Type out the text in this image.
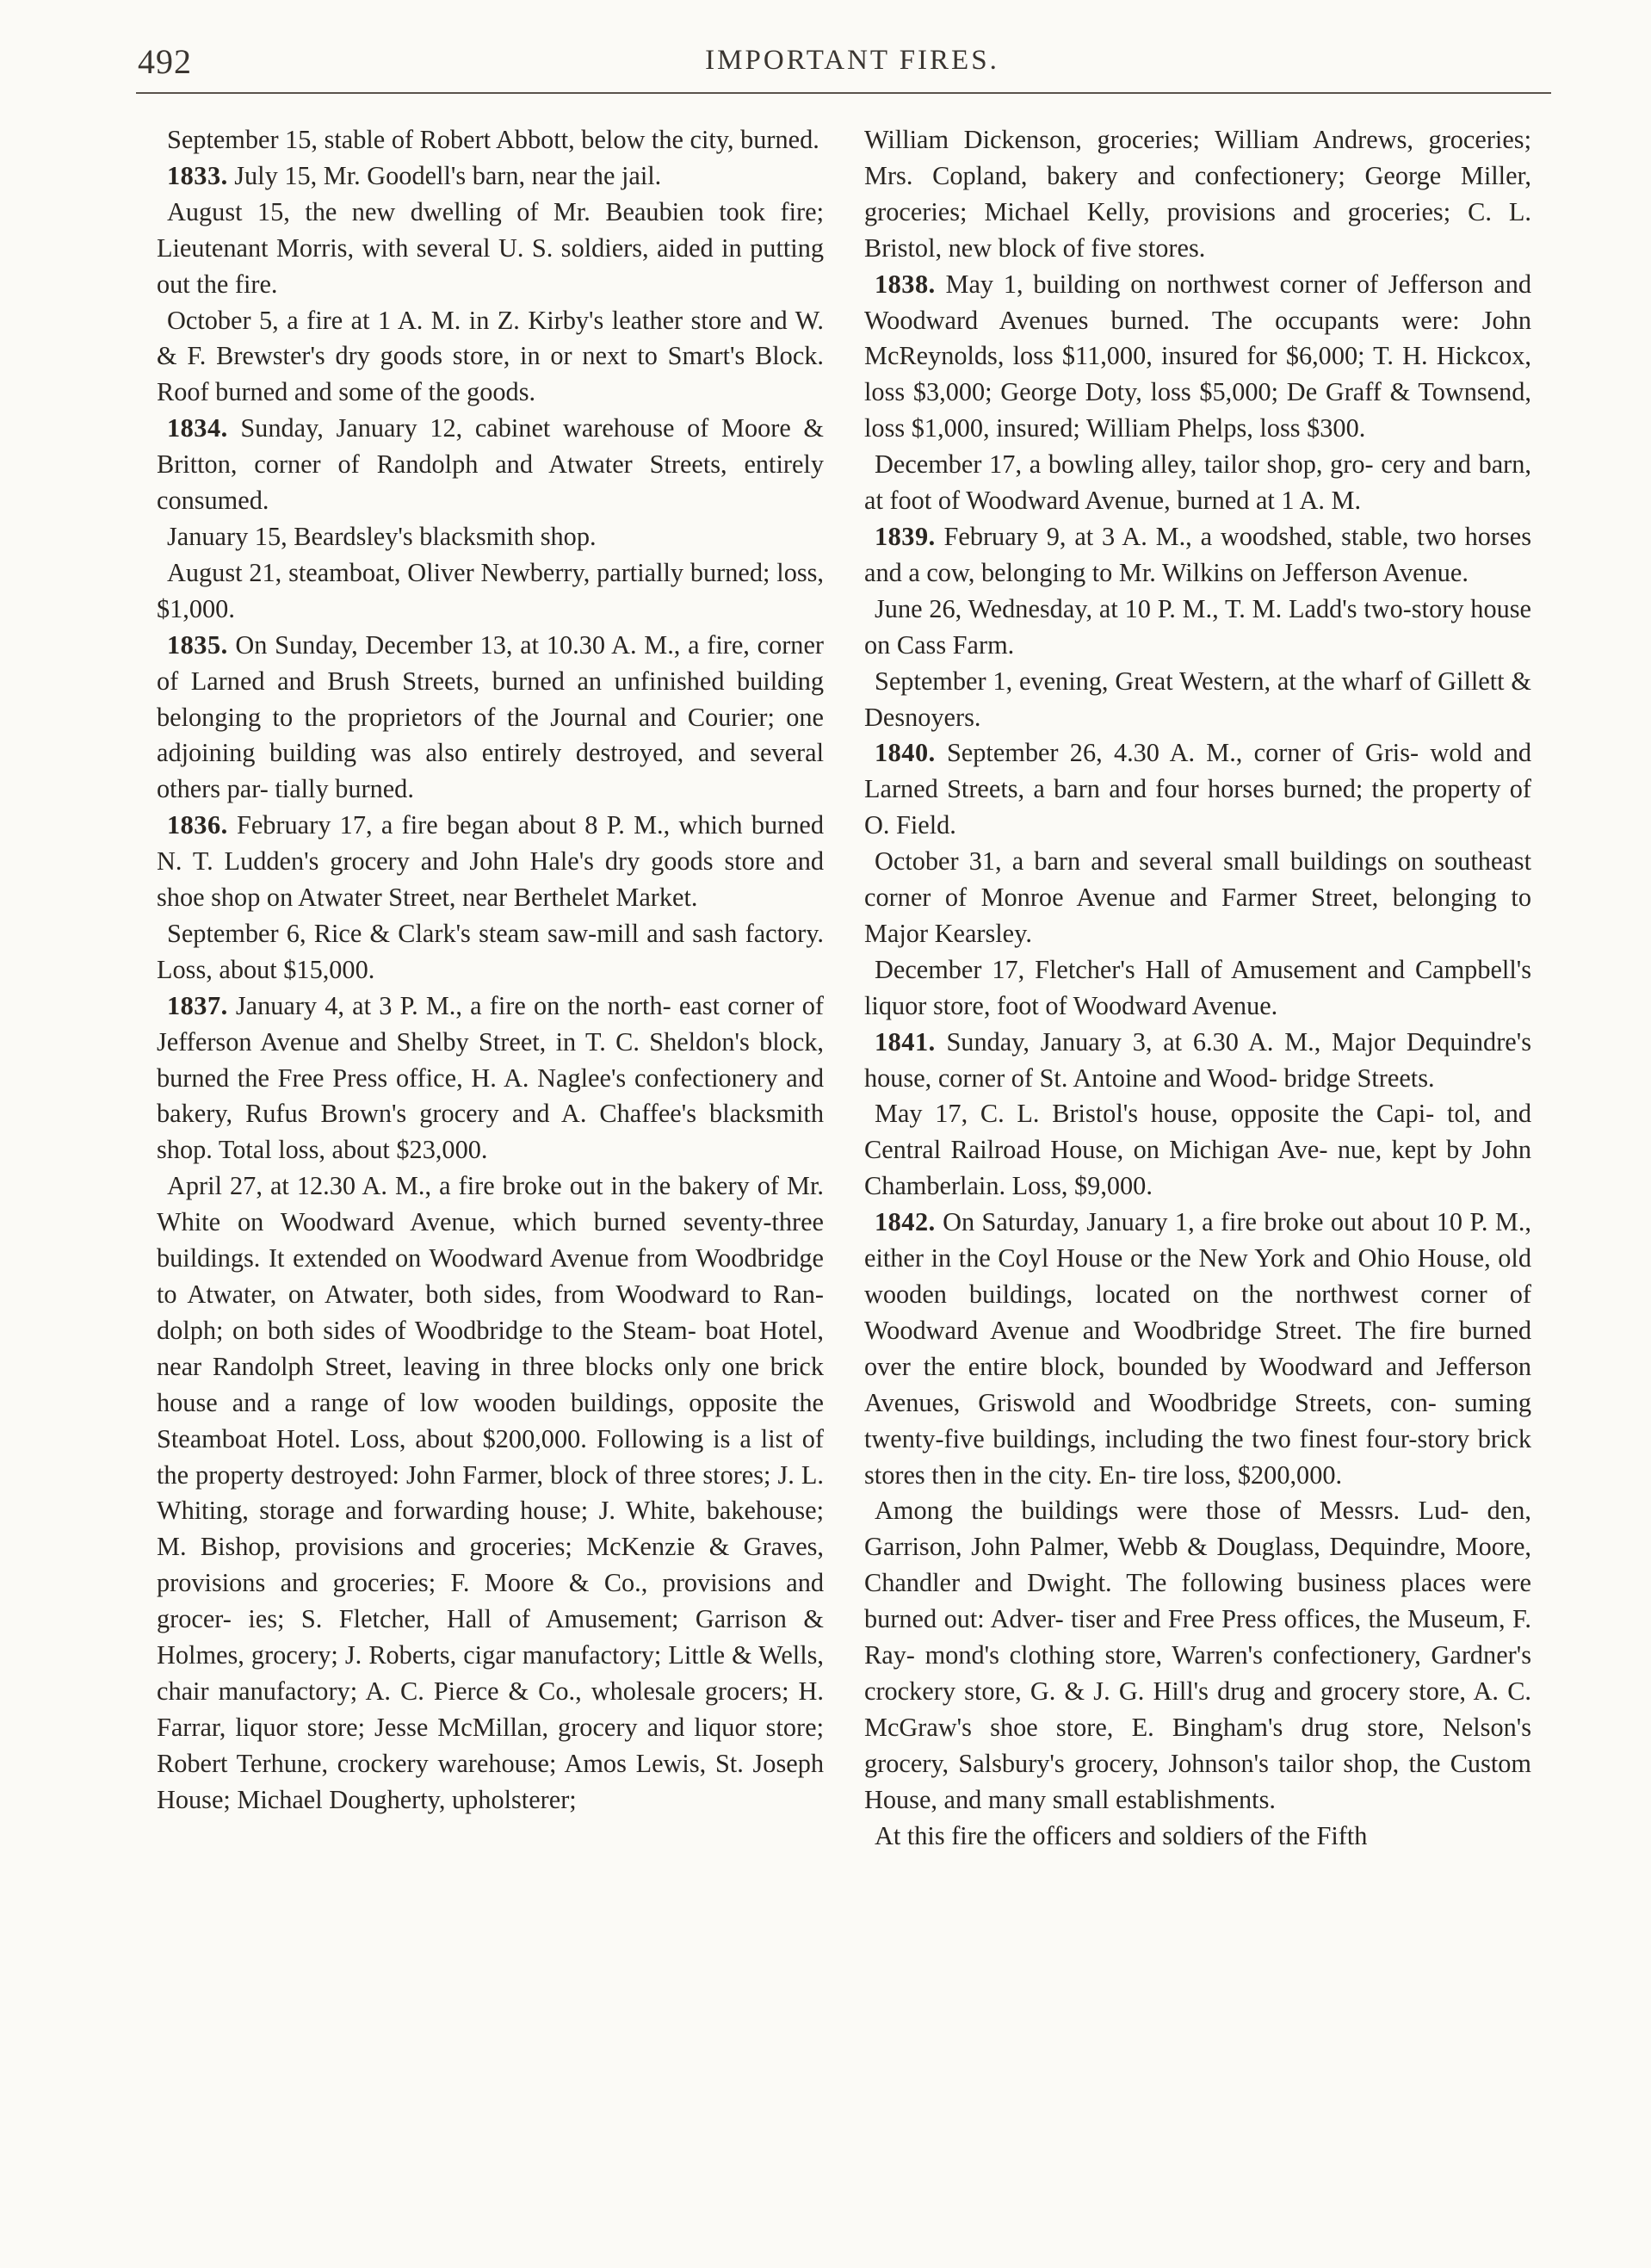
492	IMPORTANT FIRES.

September 15, stable of Robert Abbott, below the city, burned.

1833. July 15, Mr. Goodell's barn, near the jail.

August 15, the new dwelling of Mr. Beaubien took fire; Lieutenant Morris, with several U. S. soldiers, aided in putting out the fire.

October 5, a fire at 1 A. M. in Z. Kirby's leather store and W. & F. Brewster's dry goods store, in or next to Smart's Block. Roof burned and some of the goods.

1834. Sunday, January 12, cabinet warehouse of Moore & Britton, corner of Randolph and Atwater Streets, entirely consumed.

January 15, Beardsley's blacksmith shop.

August 21, steamboat, Oliver Newberry, partially burned; loss, $1,000.

1835. On Sunday, December 13, at 10.30 A. M., a fire, corner of Larned and Brush Streets, burned an unfinished building belonging to the proprietors of the Journal and Courier; one adjoining building was also entirely destroyed, and several others par- tially burned.

1836. February 17, a fire began about 8 P. M., which burned N. T. Ludden's grocery and John Hale's dry goods store and shoe shop on Atwater Street, near Berthelet Market.

September 6, Rice & Clark's steam saw-mill and sash factory. Loss, about $15,000.

1837. January 4, at 3 P. M., a fire on the north- east corner of Jefferson Avenue and Shelby Street, in T. C. Sheldon's block, burned the Free Press office, H. A. Naglee's confectionery and bakery, Rufus Brown's grocery and A. Chaffee's blacksmith shop. Total loss, about $23,000.

April 27, at 12.30 A. M., a fire broke out in the bakery of Mr. White on Woodward Avenue, which burned seventy-three buildings. It extended on Woodward Avenue from Woodbridge to Atwater, on Atwater, both sides, from Woodward to Ran- dolph; on both sides of Woodbridge to the Steam- boat Hotel, near Randolph Street, leaving in three blocks only one brick house and a range of low wooden buildings, opposite the Steamboat Hotel. Loss, about $200,000. Following is a list of the property destroyed: John Farmer, block of three stores; J. L. Whiting, storage and forwarding house; J. White, bakehouse; M. Bishop, provisions and groceries; McKenzie & Graves, provisions and groceries; F. Moore & Co., provisions and grocer- ies; S. Fletcher, Hall of Amusement; Garrison & Holmes, grocery; J. Roberts, cigar manufactory; Little & Wells, chair manufactory; A. C. Pierce & Co., wholesale grocers; H. Farrar, liquor store; Jesse McMillan, grocery and liquor store; Robert Terhune, crockery warehouse; Amos Lewis, St. Joseph House; Michael Dougherty, upholsterer;

William Dickenson, groceries; William Andrews, groceries; Mrs. Copland, bakery and confectionery; George Miller, groceries; Michael Kelly, provisions and groceries; C. L. Bristol, new block of five stores.

1838. May 1, building on northwest corner of Jefferson and Woodward Avenues burned. The occupants were: John McReynolds, loss $11,000, insured for $6,000; T. H. Hickcox, loss $3,000; George Doty, loss $5,000; De Graff & Townsend, loss $1,000, insured; William Phelps, loss $300.

December 17, a bowling alley, tailor shop, gro- cery and barn, at foot of Woodward Avenue, burned at 1 A. M.

1839. February 9, at 3 A. M., a woodshed, stable, two horses and a cow, belonging to Mr. Wilkins on Jefferson Avenue.

June 26, Wednesday, at 10 P. M., T. M. Ladd's two-story house on Cass Farm.

September 1, evening, Great Western, at the wharf of Gillett & Desnoyers.

1840. September 26, 4.30 A. M., corner of Gris- wold and Larned Streets, a barn and four horses burned; the property of O. Field.

October 31, a barn and several small buildings on southeast corner of Monroe Avenue and Farmer Street, belonging to Major Kearsley.

December 17, Fletcher's Hall of Amusement and Campbell's liquor store, foot of Woodward Avenue.

1841. Sunday, January 3, at 6.30 A. M., Major Dequindre's house, corner of St. Antoine and Wood- bridge Streets.

May 17, C. L. Bristol's house, opposite the Capi- tol, and Central Railroad House, on Michigan Ave- nue, kept by John Chamberlain. Loss, $9,000.

1842. On Saturday, January 1, a fire broke out about 10 P. M., either in the Coyl House or the New York and Ohio House, old wooden buildings, located on the northwest corner of Woodward Avenue and Woodbridge Street. The fire burned over the entire block, bounded by Woodward and Jefferson Avenues, Griswold and Woodbridge Streets, con- suming twenty-five buildings, including the two finest four-story brick stores then in the city. En- tire loss, $200,000.

Among the buildings were those of Messrs. Lud- den, Garrison, John Palmer, Webb & Douglass, Dequindre, Moore, Chandler and Dwight. The following business places were burned out: Adver- tiser and Free Press offices, the Museum, F. Ray- mond's clothing store, Warren's confectionery, Gardner's crockery store, G. & J. G. Hill's drug and grocery store, A. C. McGraw's shoe store, E. Bingham's drug store, Nelson's grocery, Salsbury's grocery, Johnson's tailor shop, the Custom House, and many small establishments.

At this fire the officers and soldiers of the Fifth
